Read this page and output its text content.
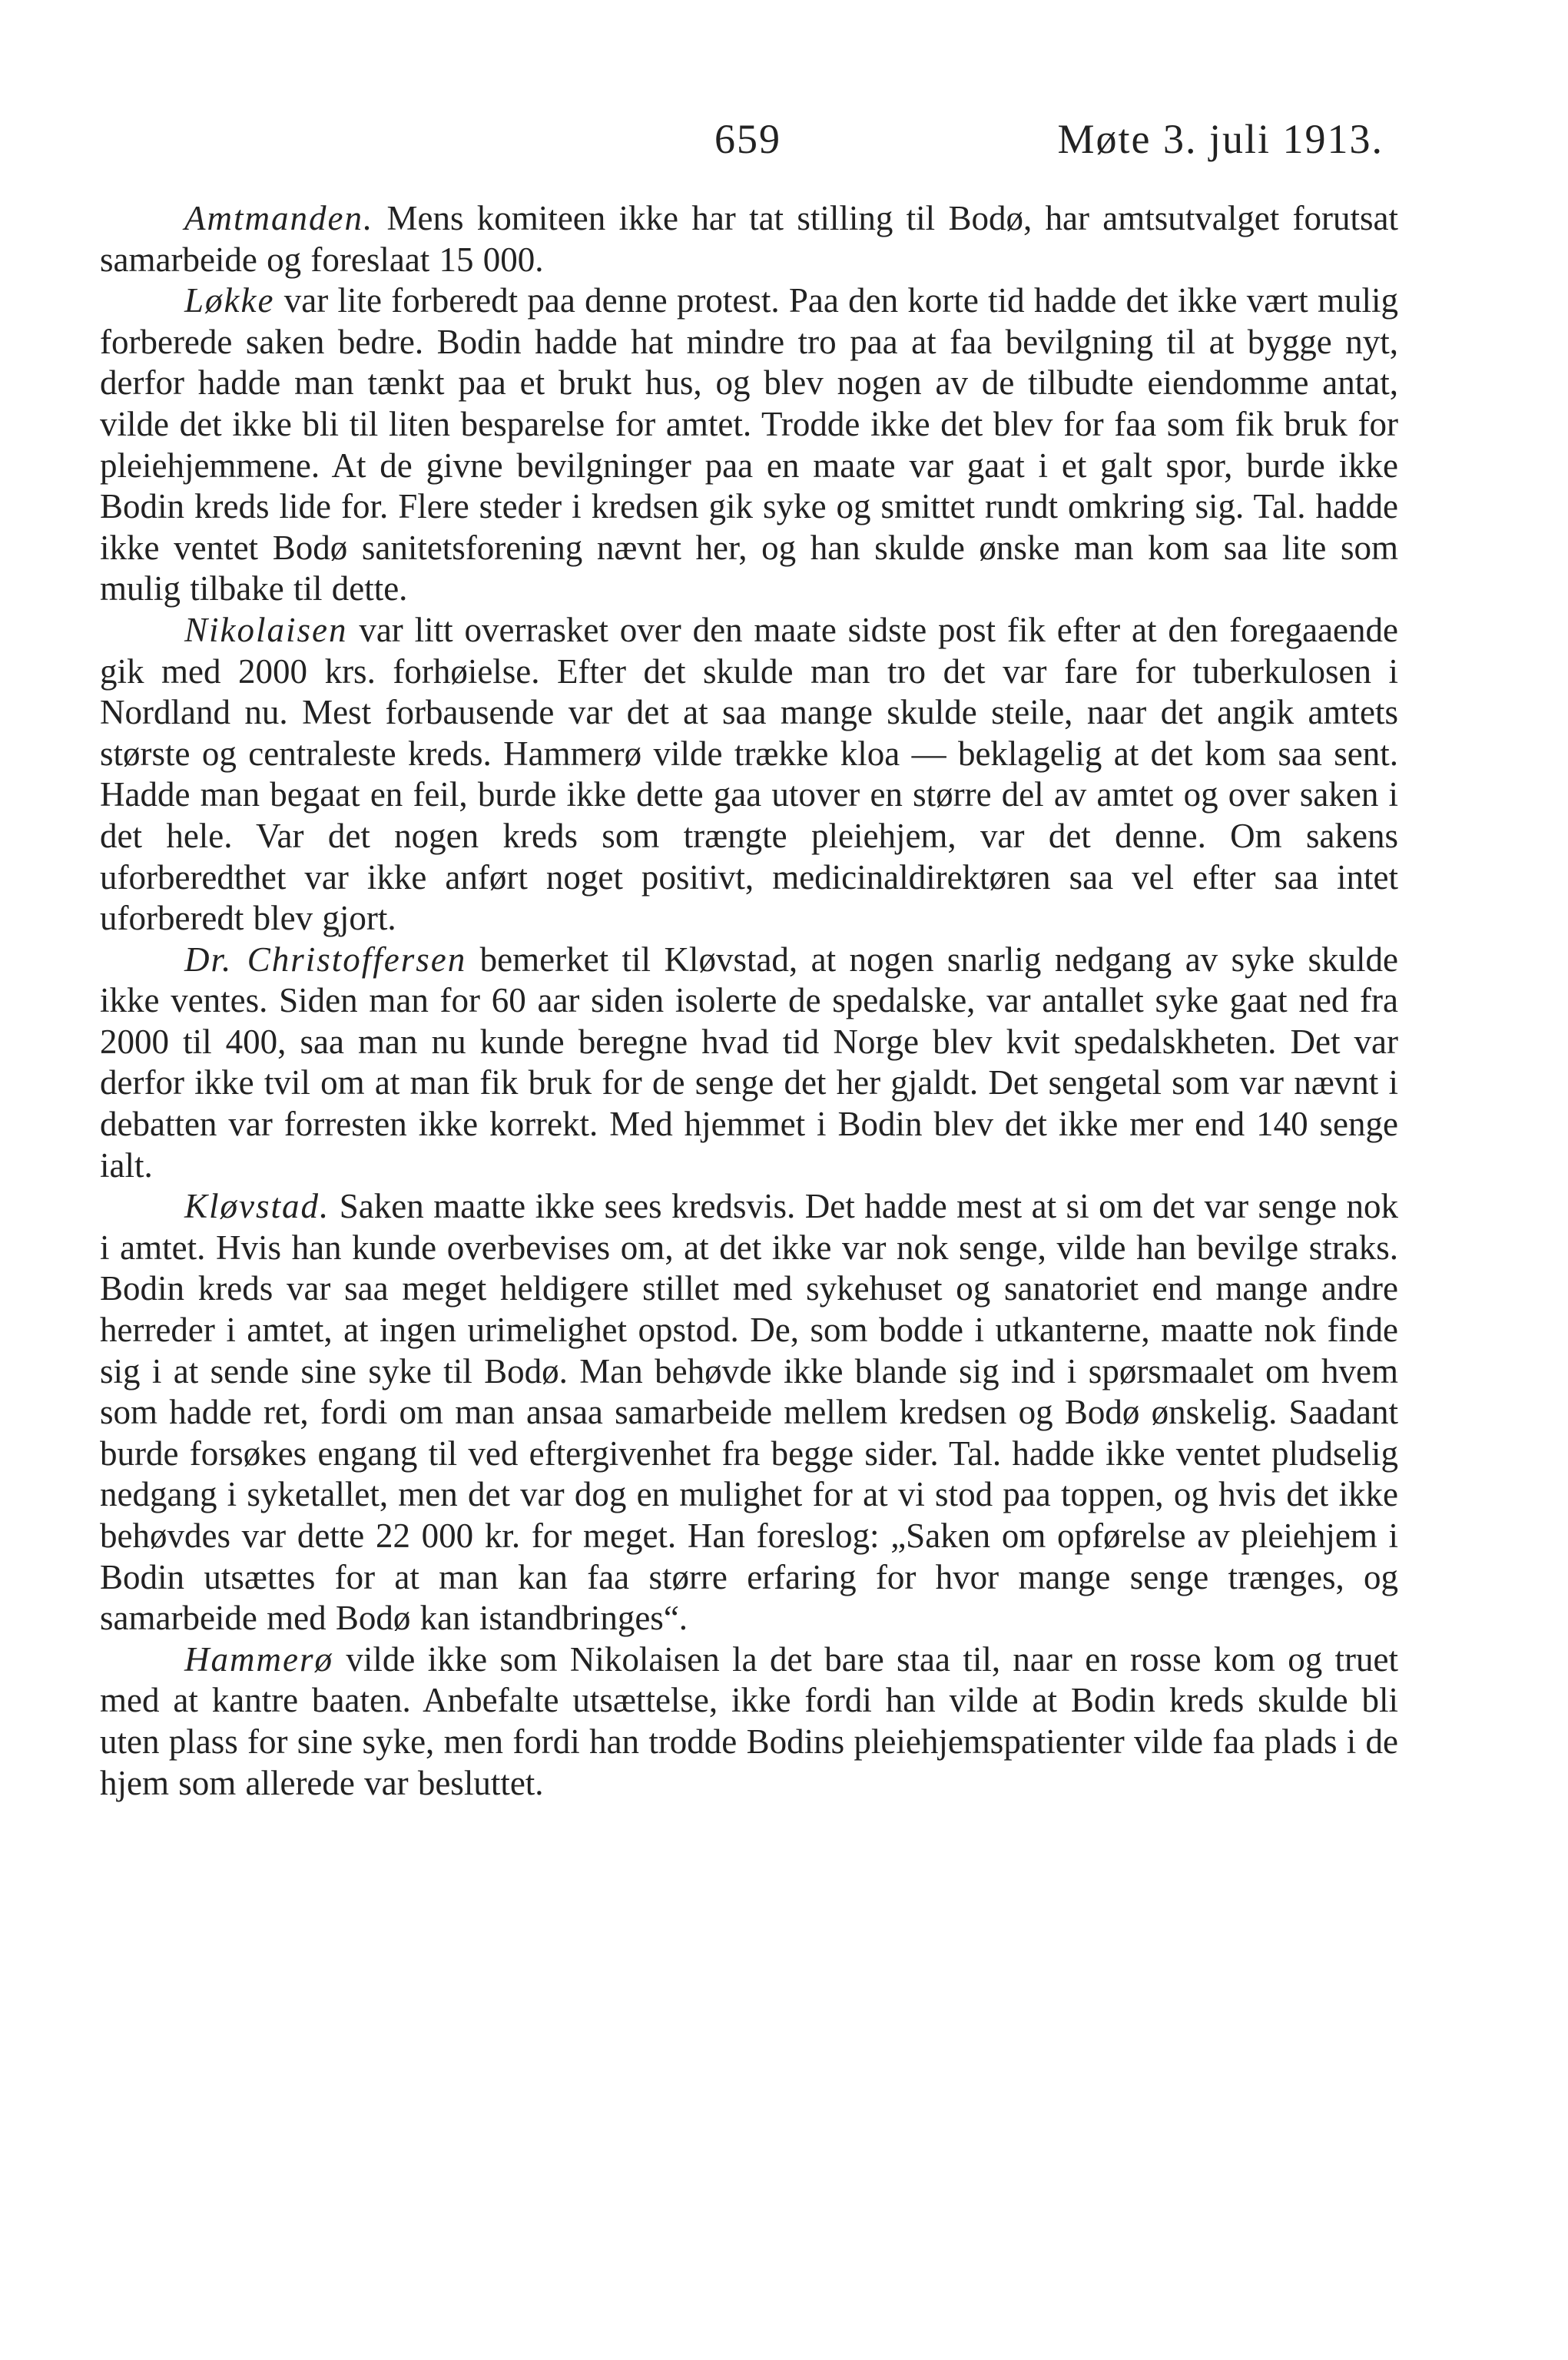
659	Møte 3. juli 1913.

Amtmanden. Mens komiteen ikke har tat stilling til Bodø, har amtsutvalget forutsat samarbeide og foreslaat 15 000.

Løkke var lite forberedt paa denne protest. Paa den korte tid hadde det ikke vært mulig forberede saken bedre. Bodin hadde hat mindre tro paa at faa bevilgning til at bygge nyt, derfor hadde man tænkt paa et brukt hus, og blev nogen av de tilbudte eiendomme antat, vilde det ikke bli til liten besparelse for amtet. Trodde ikke det blev for faa som fik bruk for pleiehjemmene. At de givne bevilgninger paa en maate var gaat i et galt spor, burde ikke Bodin kreds lide for. Flere steder i kredsen gik syke og smittet rundt omkring sig. Tal. hadde ikke ventet Bodø sanitetsforening nævnt her, og han skulde ønske man kom saa lite som mulig tilbake til dette.

Nikolaisen var litt overrasket over den maate sidste post fik efter at den foregaaende gik med 2000 krs. forhøielse. Efter det skulde man tro det var fare for tuberkulosen i Nordland nu. Mest forbausende var det at saa mange skulde steile, naar det angik amtets største og centraleste kreds. Hammerø vilde trække kloa — beklagelig at det kom saa sent. Hadde man begaat en feil, burde ikke dette gaa utover en større del av amtet og over saken i det hele. Var det nogen kreds som trængte pleiehjem, var det denne. Om sakens uforberedthet var ikke anført noget positivt, medicinaldirektøren saa vel efter saa intet uforberedt blev gjort.

Dr. Christoffersen bemerket til Kløvstad, at nogen snarlig nedgang av syke skulde ikke ventes. Siden man for 60 aar siden isolerte de spedalske, var antallet syke gaat ned fra 2000 til 400, saa man nu kunde beregne hvad tid Norge blev kvit spedalskheten. Det var derfor ikke tvil om at man fik bruk for de senge det her gjaldt. Det sengetal som var nævnt i debatten var forresten ikke korrekt. Med hjemmet i Bodin blev det ikke mer end 140 senge ialt.

Kløvstad. Saken maatte ikke sees kredsvis. Det hadde mest at si om det var senge nok i amtet. Hvis han kunde overbevises om, at det ikke var nok senge, vilde han bevilge straks. Bodin kreds var saa meget heldigere stillet med sykehuset og sanatoriet end mange andre herreder i amtet, at ingen urimelighet opstod. De, som bodde i utkanterne, maatte nok finde sig i at sende sine syke til Bodø. Man behøvde ikke blande sig ind i spørsmaalet om hvem som hadde ret, fordi om man ansaa samarbeide mellem kredsen og Bodø ønskelig. Saadant burde forsøkes engang til ved eftergivenhet fra begge sider. Tal. hadde ikke ventet pludselig nedgang i syketallet, men det var dog en mulighet for at vi stod paa toppen, og hvis det ikke behøvdes var dette 22 000 kr. for meget. Han foreslog: „Saken om opførelse av pleiehjem i Bodin utsættes for at man kan faa større erfaring for hvor mange senge trænges, og samarbeide med Bodø kan istandbringes“.

Hammerø vilde ikke som Nikolaisen la det bare staa til, naar en rosse kom og truet med at kantre baaten. Anbefalte utsættelse, ikke fordi han vilde at Bodin kreds skulde bli uten plass for sine syke, men fordi han trodde Bodins pleiehjemspatienter vilde faa plads i de hjem som allerede var besluttet.
